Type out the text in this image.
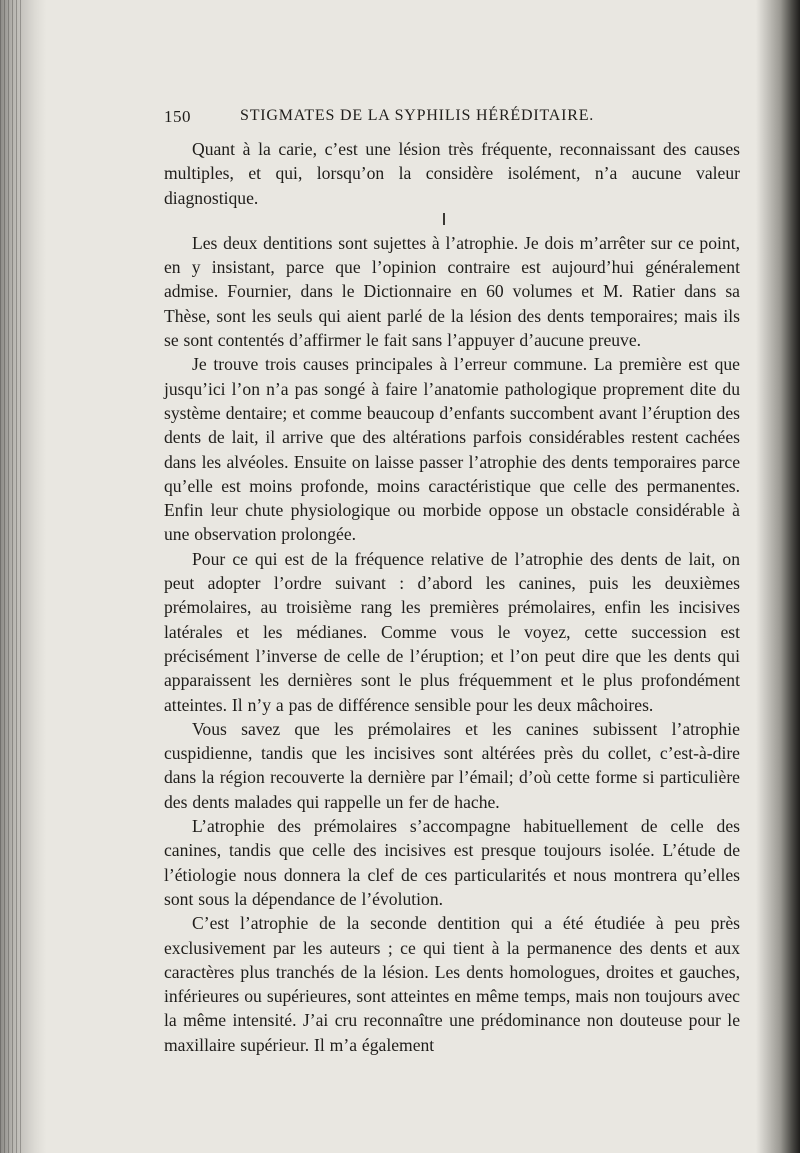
150	STIGMATES DE LA SYPHILIS HÉRÉDITAIRE.

Quant à la carie, c’est une lésion très fréquente, reconnaissant des causes multiples, et qui, lorsqu’on la considère isolément, n’a aucune valeur diagnostique.

Les deux dentitions sont sujettes à l’atrophie. Je dois m’arrêter sur ce point, en y insistant, parce que l’opinion contraire est aujourd’hui généralement admise. Fournier, dans le Dictionnaire en 60 volumes et M. Ratier dans sa Thèse, sont les seuls qui aient parlé de la lésion des dents temporaires; mais ils se sont contentés d’affirmer le fait sans l’appuyer d’aucune preuve.

Je trouve trois causes principales à l’erreur commune. La première est que jusqu’ici l’on n’a pas songé à faire l’anatomie pathologique proprement dite du système dentaire; et comme beaucoup d’enfants succombent avant l’éruption des dents de lait, il arrive que des altérations parfois considérables restent cachées dans les alvéoles. Ensuite on laisse passer l’atrophie des dents temporaires parce qu’elle est moins profonde, moins caractéristique que celle des permanentes. Enfin leur chute physiologique ou morbide oppose un obstacle considérable à une observation prolongée.

Pour ce qui est de la fréquence relative de l’atrophie des dents de lait, on peut adopter l’ordre suivant : d’abord les canines, puis les deuxièmes prémolaires, au troisième rang les premières prémolaires, enfin les incisives latérales et les médianes. Comme vous le voyez, cette succession est précisément l’inverse de celle de l’éruption; et l’on peut dire que les dents qui apparaissent les dernières sont le plus fréquemment et le plus profondément atteintes. Il n’y a pas de différence sensible pour les deux mâchoires.

Vous savez que les prémolaires et les canines subissent l’atrophie cuspidienne, tandis que les incisives sont altérées près du collet, c’est-à-dire dans la région recouverte la dernière par l’émail; d’où cette forme si particulière des dents malades qui rappelle un fer de hache.

L’atrophie des prémolaires s’accompagne habituellement de celle des canines, tandis que celle des incisives est presque toujours isolée. L’étude de l’étiologie nous donnera la clef de ces particularités et nous montrera qu’elles sont sous la dépendance de l’évolution.

C’est l’atrophie de la seconde dentition qui a été étudiée à peu près exclusivement par les auteurs ; ce qui tient à la permanence des dents et aux caractères plus tranchés de la lésion. Les dents homologues, droites et gauches, inférieures ou supérieures, sont atteintes en même temps, mais non toujours avec la même intensité. J’ai cru reconnaître une prédominance non douteuse pour le maxillaire supérieur. Il m’a également
